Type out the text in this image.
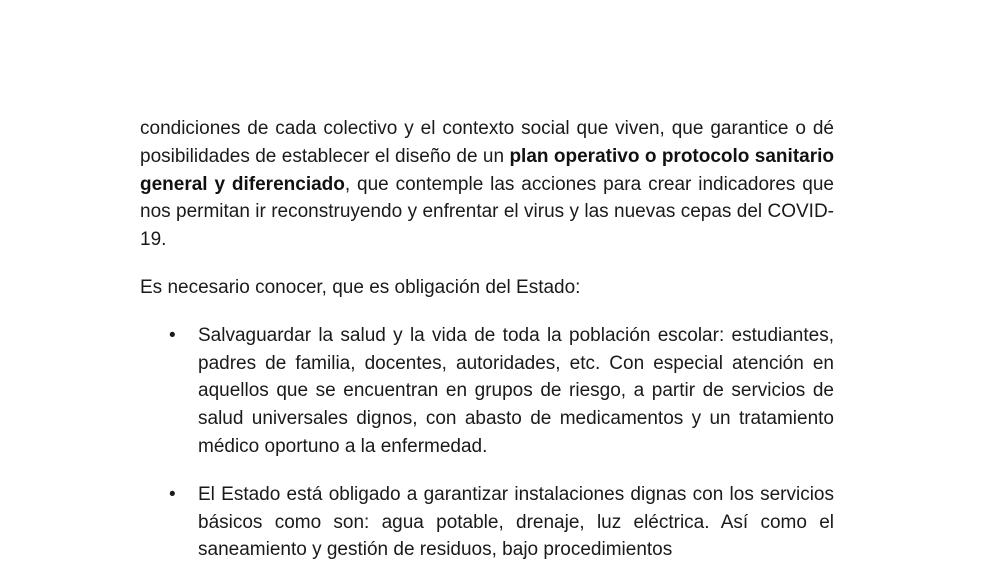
condiciones de cada colectivo y el contexto social que viven, que garantice o dé posibilidades de establecer el diseño de un plan operativo o protocolo sanitario general y diferenciado, que contemple las acciones para crear indicadores que nos permitan ir reconstruyendo y enfrentar el virus y las nuevas cepas del COVID-19.

Es necesario conocer, que es obligación del Estado:

• Salvaguardar la salud y la vida de toda la población escolar: estudiantes, padres de familia, docentes, autoridades, etc. Con especial atención en aquellos que se encuentran en grupos de riesgo, a partir de servicios de salud universales dignos, con abasto de medicamentos y un tratamiento médico oportuno a la enfermedad.
• El Estado está obligado a garantizar instalaciones dignas con los servicios básicos como son: agua potable, drenaje, luz eléctrica. Así como el saneamiento y gestión de residuos, bajo procedimientos
